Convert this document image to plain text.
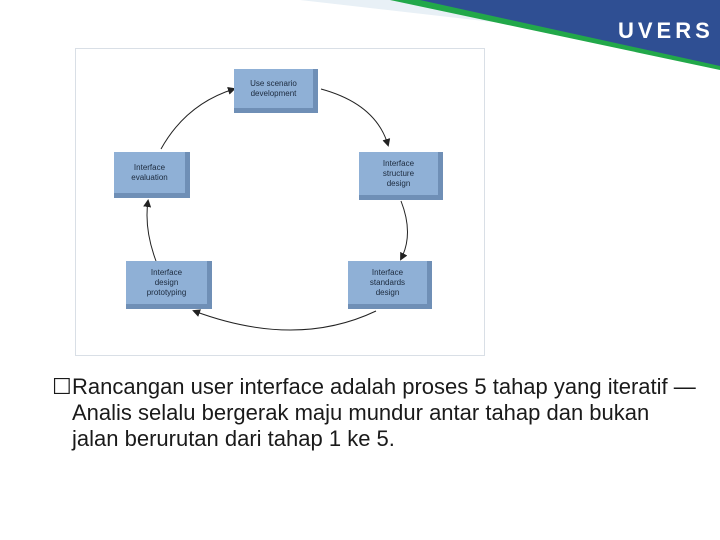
UVERS
Use scenario
development
Interface
structure
design
Interface
standards
design
Interface
design
prototyping
Interface
evaluation
☐ Rancangan user interface adalah proses 5 tahap yang iteratif —Analis selalu bergerak maju mundur antar tahap dan bukan jalan berurutan dari tahap 1 ke 5.
